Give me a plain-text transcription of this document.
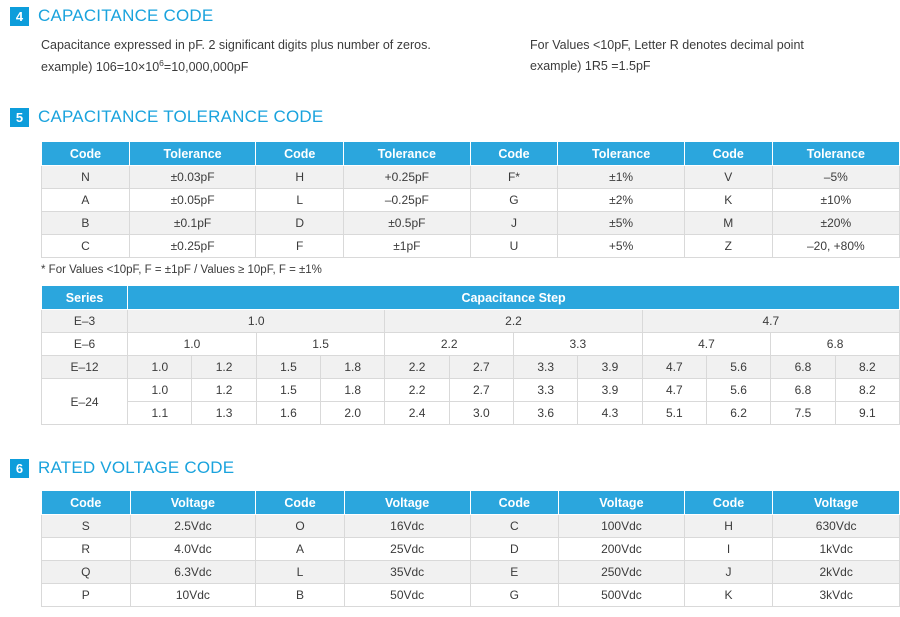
4 CAPACITANCE CODE
Capacitance expressed in pF. 2 significant digits plus number of zeros.
example) $106=10\times 10^6=10,000,000pF$
For Values <10pF, Letter R denotes decimal point
example) 1R5 =1.5pF
5 CAPACITANCE TOLERANCE CODE
Code	Tolerance	Code	Tolerance	Code	Tolerance	Code	Tolerance
N	±0.03pF	H	+0.25pF	F*	±1%	V	–5%
A	±0.05pF	L	–0.25pF	G	±2%	K	±10%
B	±0.1pF	D	±0.5pF	J	±5%	M	±20%
C	±0.25pF	F	±1pF	U	+5%	Z	–20, +80%
* For Values <10pF, F = ±1pF / Values ≥ 10pF, F = ±1%
Series	Capacitance Step											
E–3	1.0				2.2				4.7			
E–6	1.0		1.5		2.2		3.3		4.7		6.8	
E–12	1.0	1.2	1.5	1.8	2.2	2.7	3.3	3.9	4.7	5.6	6.8	8.2
E–24	1.0	1.2	1.5	1.8	2.2	2.7	3.3	3.9	4.7	5.6	6.8	8.2
	1.1	1.3	1.6	2.0	2.4	3.0	3.6	4.3	5.1	6.2	7.5	9.1
6 RATED VOLTAGE CODE
Code	Voltage	Code	Voltage	Code	Voltage	Code	Voltage
S	2.5Vdc	O	16Vdc	C	100Vdc	H	630Vdc
R	4.0Vdc	A	25Vdc	D	200Vdc	I	1kVdc
Q	6.3Vdc	L	35Vdc	E	250Vdc	J	2kVdc
P	10Vdc	B	50Vdc	G	500Vdc	K	3kVdc
